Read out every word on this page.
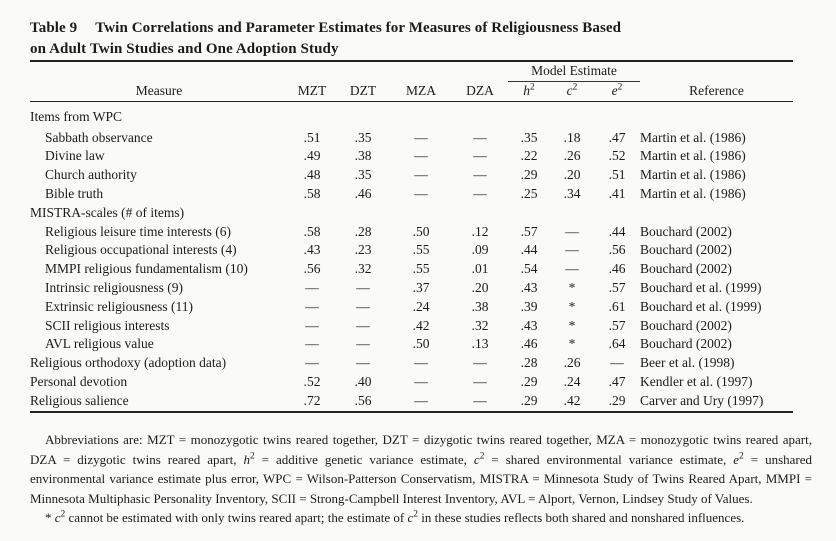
Table 9 Twin Correlations and Parameter Estimates for Measures of Religiousness Based
on Adult Twin Studies and One Adoption Study
					Model Estimate			
Measure	MZT	DZT	MZA	DZA	$h^2$	$c^2$	$e^2$	Reference
Items from WPC								
Sabbath observance	.51	.35	—	—	.35	.18	.47	Martin et al. (1986)
Divine law	.49	.38	—	—	.22	.26	.52	Martin et al. (1986)
Church authority	.48	.35	—	—	.29	.20	.51	Martin et al. (1986)
Bible truth	.58	.46	—	—	.25	.34	.41	Martin et al. (1986)
MISTRA-scales (# of items)								
Religious leisure time interests (6)	.58	.28	.50	.12	.57	—	.44	Bouchard (2002)
Religious occupational interests (4)	.43	.23	.55	.09	.44	—	.56	Bouchard (2002)
MMPI religious fundamentalism (10)	.56	.32	.55	.01	.54	—	.46	Bouchard (2002)
Intrinsic religiousness (9)	—	—	.37	.20	.43	*	.57	Bouchard et al. (1999)
Extrinsic religiousness (11)	—	—	.24	.38	.39	*	.61	Bouchard et al. (1999)
SCII religious interests	—	—	.42	.32	.43	*	.57	Bouchard (2002)
AVL religious value	—	—	.50	.13	.46	*	.64	Bouchard (2002)
Religious orthodoxy (adoption data)	—	—	—	—	.28	.26	—	Beer et al. (1998)
Personal devotion	.52	.40	—	—	.29	.24	.47	Kendler et al. (1997)
Religious salience	.72	.56	—	—	.29	.42	.29	Carver and Ury (1997)

Abbreviations are: MZT = monozygotic twins reared together, DZT = dizygotic twins reared together, MZA = monozygotic twins reared apart, DZA = dizygotic twins reared apart, $h^2$ = additive genetic variance estimate, $c^2$ = shared environmental variance estimate, $e^2$ = unshared environmental variance estimate plus error, WPC = Wilson-Patterson Conservatism, MISTRA = Minnesota Study of Twins Reared Apart, MMPI = Minnesota Multiphasic Personality Inventory, SCII = Strong-Campbell Interest Inventory, AVL = Alport, Vernon, Lindsey Study of Values.

* $c^2$ cannot be estimated with only twins reared apart; the estimate of $c^2$ in these studies reflects both shared and nonshared influences.
